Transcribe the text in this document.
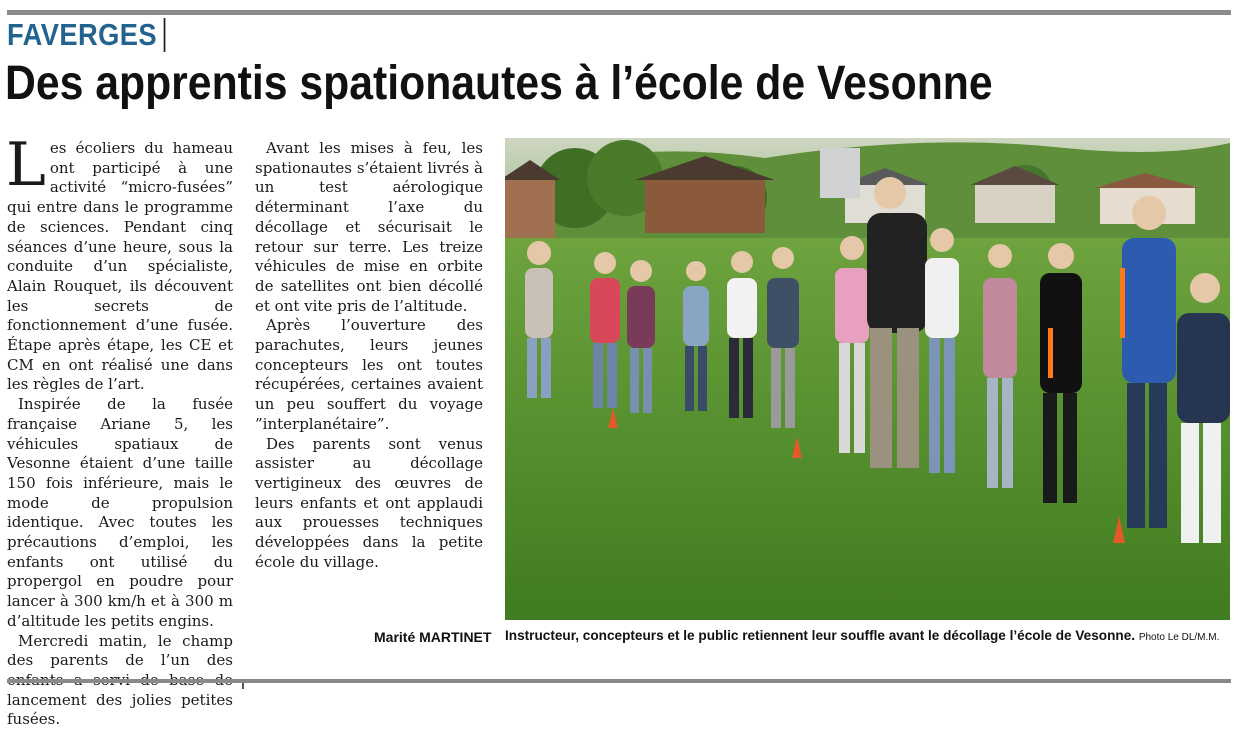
FAVERGES
Des apprentis spationautes à l’école de Vesonne

Les écoliers du hameau ont participé à une activité “micro-fusées” qui entre dans le programme de sciences. Pendant cinq séances d’une heure, sous la conduite d’un spécialiste, Alain Rouquet, ils découvent les secrets de fonctionnement d’une fusée. Étape après étape, les CE et CM en ont réalisé une dans les règles de l’art.

Inspirée de la fusée française Ariane 5, les véhicules spatiaux de Vesonne étaient d’une taille 150 fois inférieure, mais le mode de propulsion identique. Avec toutes les précautions d’emploi, les enfants ont utilisé du propergol en poudre pour lancer à 300 km/h et à 300 m d’altitude les petits engins.

Mercredi matin, le champ des parents de l’un des lancement des jolies petites fusées.

Avant les mises à feu, les spationautes s’étaient livrés à un test aérologique déterminant l’axe du décollage et sécurisait le retour sur terre. Les treize véhicules de mise en orbite de satellites ont bien décollé et ont vite pris de l’altitude.

Après l’ouverture des parachutes, leurs jeunes concepteurs les ont toutes récupérées, certaines avaient un peu souffert du voyage ”interplanétaire”.

Des parents sont venus assister au décollage vertigineux des œuvres de leurs enfants et ont applaudi aux prouesses techniques développées dans la petite école du village.

Marité MARTINET Instructeur, concepteurs et le public retiennent leur souffle avant le décollage l’école de Vesonne. Photo Le DL/M.M.
